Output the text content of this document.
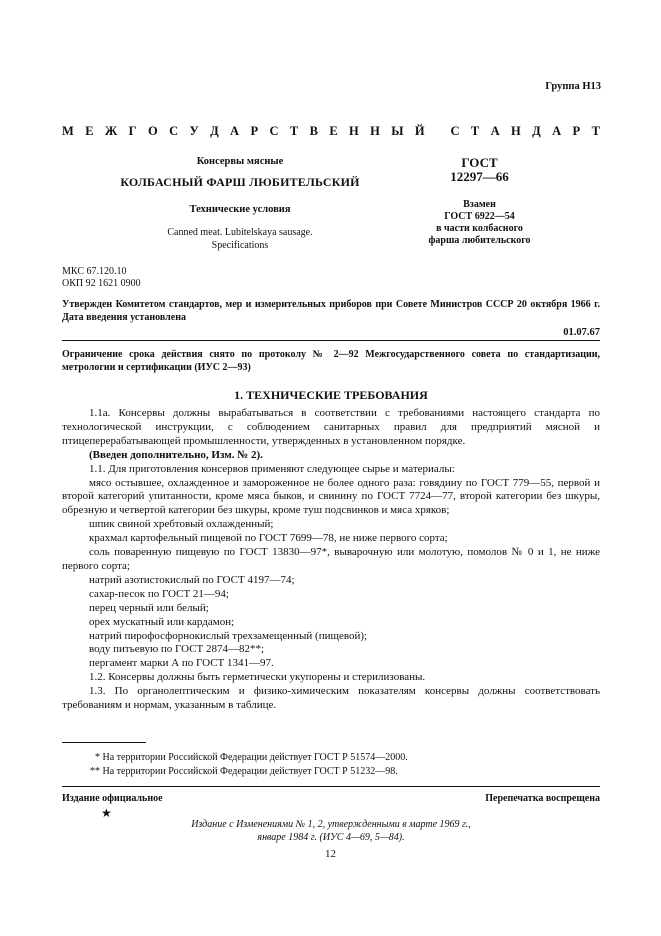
Группа Н13
М Е Ж Г О С У Д А Р С Т В Е Н Н Ы Й
С Т А Н Д А Р Т
Консервы мясные
КОЛБАСНЫЙ ФАРШ ЛЮБИТЕЛЬСКИЙ
Технические условия
Canned meat. Lubitelskaya sausage.
Specifications
ГОСТ
12297—66
Взамен
ГОСТ 6922—54
в части колбасного
фарша любительского
МКС 67.120.10
ОКП 92 1621 0900
Утвержден Комитетом стандартов, мер и измерительных приборов при Совете Министров СССР 20 октября 1966 г. Дата введения установлена
01.07.67
Ограничение срока действия снято по протоколу № 2—92 Межгосударственного совета по стандартизации, метрологии и сертификации (ИУС 2—93)
1. ТЕХНИЧЕСКИЕ ТРЕБОВАНИЯ

1.1а. Консервы должны вырабатываться в соответствии с требованиями настоящего стандарта по технологической инструкции, с соблюдением санитарных правил для предприятий мясной и птицеперерабатывающей промышленности, утвержденных в установленном порядке.

(Введен дополнительно, Изм. № 2).

1.1. Для приготовления консервов применяют следующее сырье и материалы:

мясо остывшее, охлажденное и замороженное не более одного раза: говядину по ГОСТ 779—55, первой и второй категорий упитанности, кроме мяса быков, и свинину по ГОСТ 7724—77, второй категории без шкуры, обрезную и четвертой категории без шкуры, кроме туш подсвинков и мяса хряков;

шпик свиной хребтовый охлажденный;

крахмал картофельный пищевой по ГОСТ 7699—78, не ниже первого сорта;

соль поваренную пищевую по ГОСТ 13830—97*, выварочную или молотую, помолов № 0 и 1, не ниже первого сорта;

натрий азотистокислый по ГОСТ 4197—74;

сахар-песок по ГОСТ 21—94;

перец черный или белый;

орех мускатный или кардамон;

натрий пирофосфорнокислый трехзамещенный (пищевой);

воду питьевую по ГОСТ 2874—82**;

пергамент марки А по ГОСТ 1341—97.

1.2. Консервы должны быть герметически укупорены и стерилизованы.

1.3. По органолептическим и физико-химическим показателям консервы должны соответствовать требованиям и нормам, указанным в таблице.

* На территории Российской Федерации действует ГОСТ Р 51574—2000.
** На территории Российской Федерации действует ГОСТ Р 51232—98.
Издание официальное	Перепечатка воспрещена
★
Издание с Изменениями № 1, 2, утвержденными в марте 1969 г.,
январе 1984 г. (ИУС 4—69, 5—84).
12
